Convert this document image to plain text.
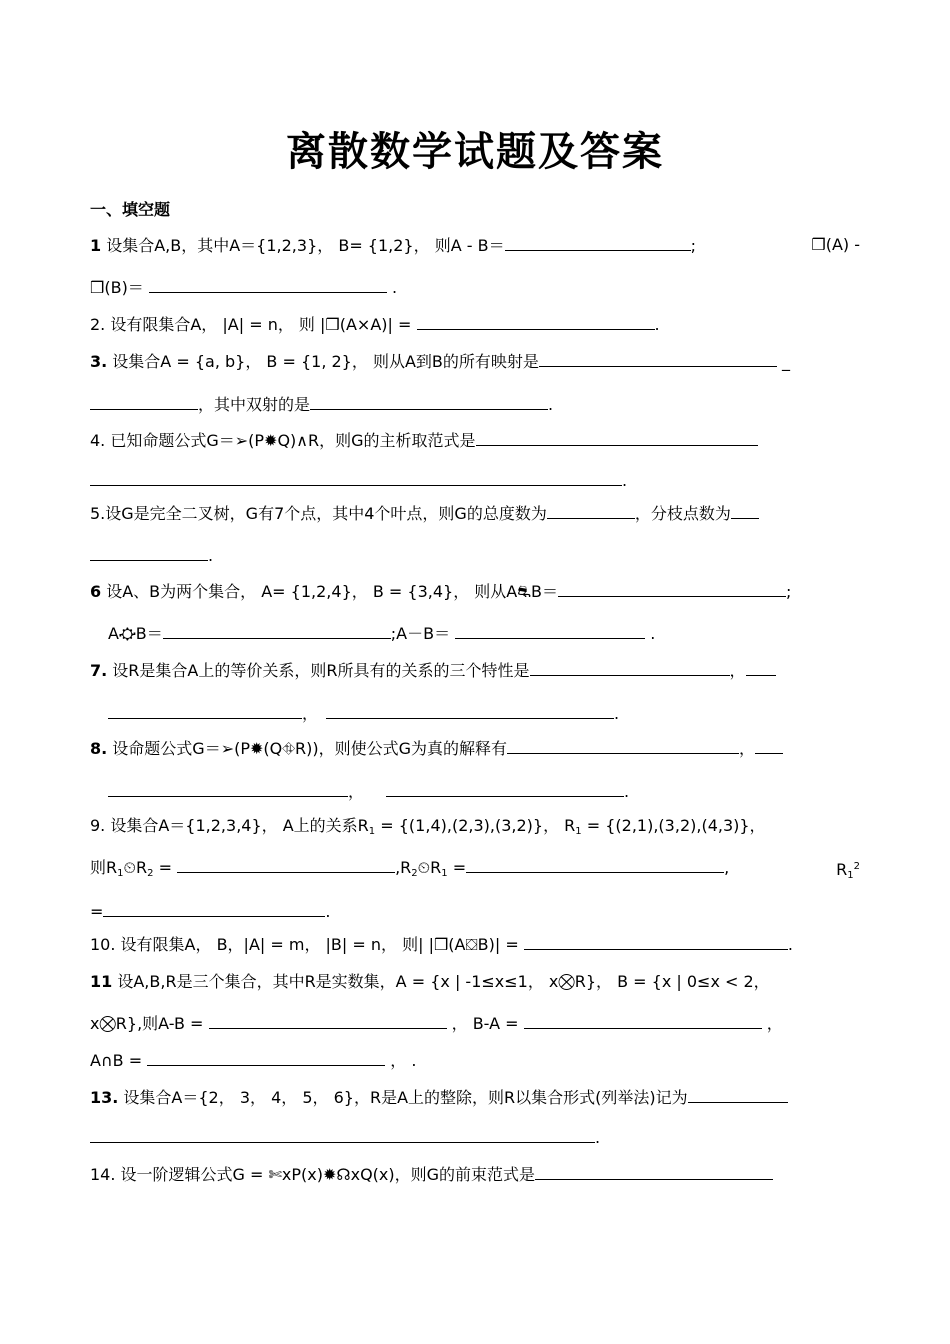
离散数学试题及答案
一、填空题
1 设集合A,B，其中A＝{1,2,3}， B= {1,2}， 则A - B＝	;	❒(A) -
❒(B)＝	.
2. 设有限集合A， |A| = n， 则 |❒(A×A)| =	.
3. 设集合A = {a, b}， B = {1, 2}， 则从A到B的所有映射是	_
，其中双射的是	.
4. 已知命题公式G＝➢(P✹Q)∧R，则G的主析取范式是
.
5.设G是完全二叉树，G有7个点，其中4个叶点，则G的总度数为	，分枝点数为
.
6 设A、B为两个集合， A= {1,2,4}， B = {3,4}， 则从A⛐B＝	;
A⛮B＝	;A－B＝	.
7. 设R是集合A上的等价关系，则R所具有的关系的三个特性是	，
，	.
8. 设命题公式G＝➢(P✹(Q⛗R))，则使公式G为真的解释有	，
，	.
9. 设集合A＝{1,2,3,4}， A上的关系$R_1 = \{(1,4),(2,3),(3,2)\}$， $R_1 = \{(2,1),(3,2),(4,3)\}$，
则$R_1⏲R_2$ =	$,R_2⏲R_1$ =	,	$R_1^2$
=	.
10. 设有限集A， B，|A| = m， |B| = n， 则| |❒(A⛋B)| =	.
11 设A,B,R是三个集合，其中R是实数集，A = {x | -1≤x≤1， x⛒R}， B = {x | 0≤x < 2，
x⛒R},则A-B =	， B-A =	，
A∩B =	， .
13. 设集合A＝{2， 3， 4， 5， 6}，R是A上的整除，则R以集合形式(列举法)记为
.
14. 设一阶逻辑公式G = ✄xP(x)✹☊xQ(x)，则G的前束范式是
